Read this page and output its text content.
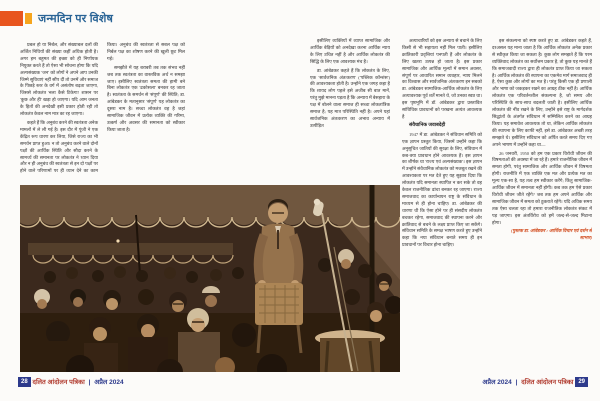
जन्मदिन पर विशेष

प्रबल हो या निर्बल, और संख्याबल दलों की अर्जित निधियों की संख्या कहीं अधिक होती है। अगर हम बहुमत की इच्छा को ही निर्णायक नियुक्त करते हैं तो ऐसा भी सोचना होगा कि यदि अल्पसंख्यक 'जन' को लोगों ने अपने आप उनकी जिम्मे सुविधाएं नहीं सौंप दीं तो उनमें और समाज के पिछड़े स्तर के वर्ग में असंतोष बढ़ता जाएगा, जिससे लोकतंत्र भला कैसे टिकेगा! शासन पर 'कुछ और ही' खड़ा हो जाएगा। यदि आम जनता के हितों की अनदेखी इसी प्रकार होती रही तो लोकतंत्र केवल नाम मात्र का रह जाएगा।

कहते हैं कि अनुबंध करने की स्वतंत्रता अनेक मामलों में ले ली गई है। इस दौर में पूंजी ने एक केंद्रित रूप धारण कर लिया, जिसे राज्य का भी समर्थन प्राप्त हुआ। न तो अनुबंध करने वाले दोनों पक्षों की आर्थिक स्थिति और सौदा करने के सामर्थ्य की समानता पर लोकतंत्र ने ध्यान दिया और न ही अनुबंध की स्वतंत्रता से इन दो पक्षों पर होने वाले परिणामों पर ही ध्यान देने का काम किया। अनुबंध की स्वतंत्रता से सबल पक्ष को निर्बल पक्ष का शोषण करने की खुली छूट मिल गई।

समझौते में यह बराबरी तब तक संभव नहीं जब तक स्वतंत्रता का वास्तविक अर्थ न समझा जाए। इसीलिए स्वतंत्रता समता की हामी बने बिना लोकतंत्र एक 'ढकोसला' बनकर रह जाता है। स्वतंत्रता के समर्थन से 'संपूर्ण' की स्थिति; डा. आंबेडकर के मतानुसार 'संपूर्ण' यह लोकतंत्र का दूसरा नाम है। सच्चा लोकतंत्र वह है जहां सामाजिक जीवन में प्रत्येक व्यक्ति की गरिमा, उत्कर्ष और अवसर की समानता को स्वीकार किया जाता है।

इसीलिए व्यक्तियों में व्याप्त सामाजिक और आर्थिक बेड़ियों को अनदेखा करना आर्थिक न्याय के लिए उचित नहीं है और आर्थिक लोकतंत्र की सिद्धि के लिए एक आवश्यक मंच है।

डा. आंबेडकर कहते हैं कि लोकतंत्र के लिए, एक 'सार्वजनिक अंतःकरण' ('पब्लिक कॉन्शंस') की आवश्यकता होती है। उन्होंने एक जगह कहा है कि शायद लोग पहले इसे अजीब सी बात मानें, परंतु मुझे मानना पड़ता है कि अन्याय में बेसहारा के पक्ष में बोलने वाला समाज ही सच्चा लोकतांत्रिक समाज है; यह मात्र परिस्थिति नहीं है। अपने यहां सार्वजनिक अंतःकरण का अभाव अन्याय में उत्पीड़ित

अत्याचारियों को इस अन्याय से बचाने के लिए किसी से भी सहायता नहीं मिल पाती। इसीलिए क्रांतिकारी प्रवृत्तियां पनपती हैं और लोकतंत्र के लिए खतरा उत्पन्न हो जाता है। इस प्रकार सामाजिक और आर्थिक मूल्यों में समान अवसर, संपूर्ण पर आधारित समान व्यवहार, न्याय मिलने का विश्वास और सार्वजनिक अंतःकरण इन सबको डा. आंबेडकर सामाजिक-आर्थिक लोकतंत्र के लिए अत्यावश्यक पूर्व शर्तें मानते थे, जो उनका स्वप्न था। इस पृष्ठभूमि में डॉ. आंबेडकर द्वारा प्रस्तावित सांविधिक प्रावधानों को परखना अत्यंत आवश्यक है

संवैधानिक जवाबदेही

1947 में डा. आंबेडकर ने संविधान समिति को एक ज्ञापन प्रस्तुत किया, जिसमें उन्होंने कहा कि अनुसूचित जातियों की सुरक्षा के लिए, संविधान में कब-क्या प्रावधान होने आवश्यक हैं। इस ज्ञापन का शीर्षक था 'राज्य एवं अल्पसंख्यक'। इस ज्ञापन में उन्होंने संवैधानिक लोकतंत्र को मजबूत रखने की आवश्यकता पर मत देते हुए यह सुझाव दिया कि लोकतंत्र यदि समानता स्थापित न कर सके तो वह केवल राजनीतिक ढांचा बनकर रह जाएगा। राज्य समाजवाद का कार्यान्वयन राष्ट्र के संविधान के माध्यम से ही होना चाहिए। डा. आंबेडकर की धारणा थी कि ऐसा होने पर ही संसदीय लोकतंत्र बचकर रहेगा, समाजवाद की स्थापना करने और क्रांतिवाद से बचने के लक्ष्य प्राप्त किए जा सकेंगे। संविधान समिति के समक्ष भाषण करते हुए उन्होंने कहा कि नया संविधान बनाते समय ही इन प्रावधानों पर विचार होना चाहिए।

इस संकल्पना को स्पष्ट करते हुए डा. आंबेडकर कहते हैं, दरअसल यह माना जाता है कि आर्थिक लोकतंत्र अनेक प्रकार से स्वीकृत किया जा सकता है। कुछ लोग समझते हैं कि परम व्यक्तिवाद लोकतंत्र का सर्वोत्तम प्रकार है, तो कुछ यह मानते हैं कि समाजवादी राज्य द्वारा ही लोकतंत्र प्राप्त किया जा सकता है। आर्थिक लोकतंत्र की स्थापना का एकमेव मार्ग समाजवाद ही है, ऐसा कुछ और लोगों का मत है। परंतु किसी एक ही प्रणाली और भाषा को जकड़कर रखने का आग्रह ठीक नहीं है। आर्थिक लोकतंत्र एक परिवर्तनशील संकल्पना है, जो समय और परिस्थिति के साथ-साथ बदलती जाती है। इसीलिए आर्थिक लोकतंत्र की नींव रखने के लिए, उन्होंने इसे राष्ट्र के मार्गदर्शक सिद्धांतों के अंतर्गत संविधान में सम्मिलित करने का आग्रह किया। यह समावेश आवश्यक तो था, लेकिन आर्थिक लोकतंत्र की स्थापना के लिए काफी नहीं, इसे डा. आंबेडकर अच्छी तरह समझते थे। इसीलिए संविधान को अर्पित करते समय दिए गए अपने भाषण में उन्होंने कहा था—

26 जनवरी, 1950 को हम एक प्रकार विरोधी जीवन की विषमताओं की अवस्था में जा रहे हैं। हमारे राजनीतिक जीवन में समता होगी, परंतु सामाजिक और आर्थिक जीवन में विषमता होगी। राजनीति में एक व्यक्ति एक मत और प्रत्येक मत का मूल्य एक-सा है, यह तत्व हम स्वीकार करेंगे; किंतु सामाजिक-आर्थिक जीवन में समानता नहीं होगी। कब तक हम ऐसे प्रकार विरोधी जीवन जीते रहेंगे? जब तक हम अपने आर्थिक और सामाजिक जीवन में समता को ठुकराते रहेंगे। यदि अधिक समय तक ऐसा चलता रहा तो हमारा राजनीतिक लोकतंत्र संकट में पड़ जाएगा। इस अंतर्विरोध को हमें जल्द-से-जल्द मिटाना होगा।

(पुस्तक डा. आंबेडकर : आर्थिक विचार एवं दर्शन से साभार)

28 दलित आंदोलन पत्रिका | अप्रैल 2024	अप्रैल 2024 | दलित आंदोलन पत्रिका 29
